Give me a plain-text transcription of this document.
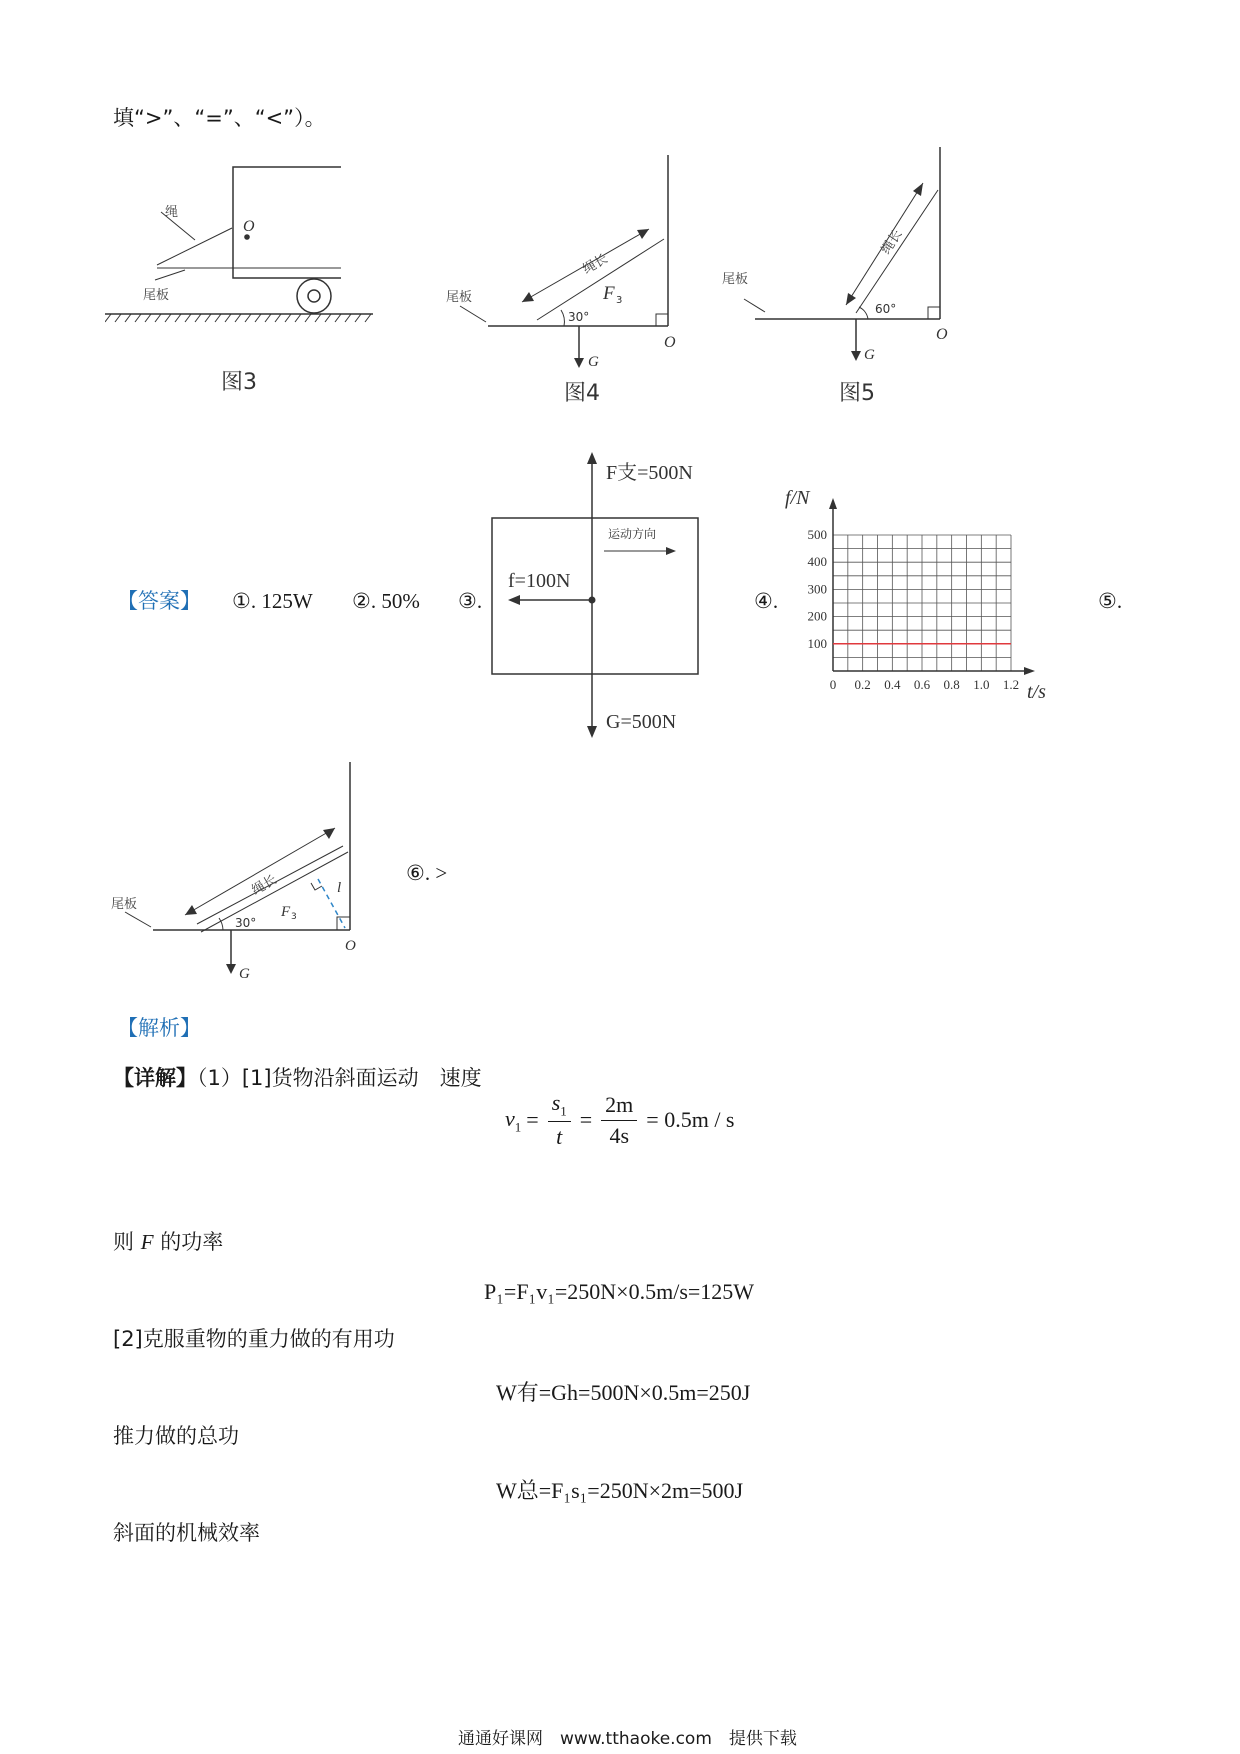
填“>”、“=”、“<”）。
绳
O
尾板
图3
尾板
绳长
F 3
30°
O
G
图4
尾板
绳长
60°
O
G
图5
【答案】 ①. 125W ②. 50% ③.	④.	⑤.
运动方向
F支=500N
f=100N
G=500N
f/N
t/s
100
200
300
400
500
0 0.2 0.4 0.6 0.8 1.0 1.2
尾板
绳长
F 3
l
30°
O
G
⑥. >
【解析】
【详解】（1）[1]货物沿斜面运动　速度
$v_1 = \frac{s_1}{t} = \frac{2m}{4s} = 0.5m / s$
则 F 的功率
P₁=F₁v₁=250N×0.5m/s=125W
[2]克服重物的重力做的有用功
W有=Gh=500N×0.5m=250J
推力做的总功
W总=F₁s₁=250N×2m=500J
斜面的机械效率
通通好课网　www.tthaoke.com　提供下载
